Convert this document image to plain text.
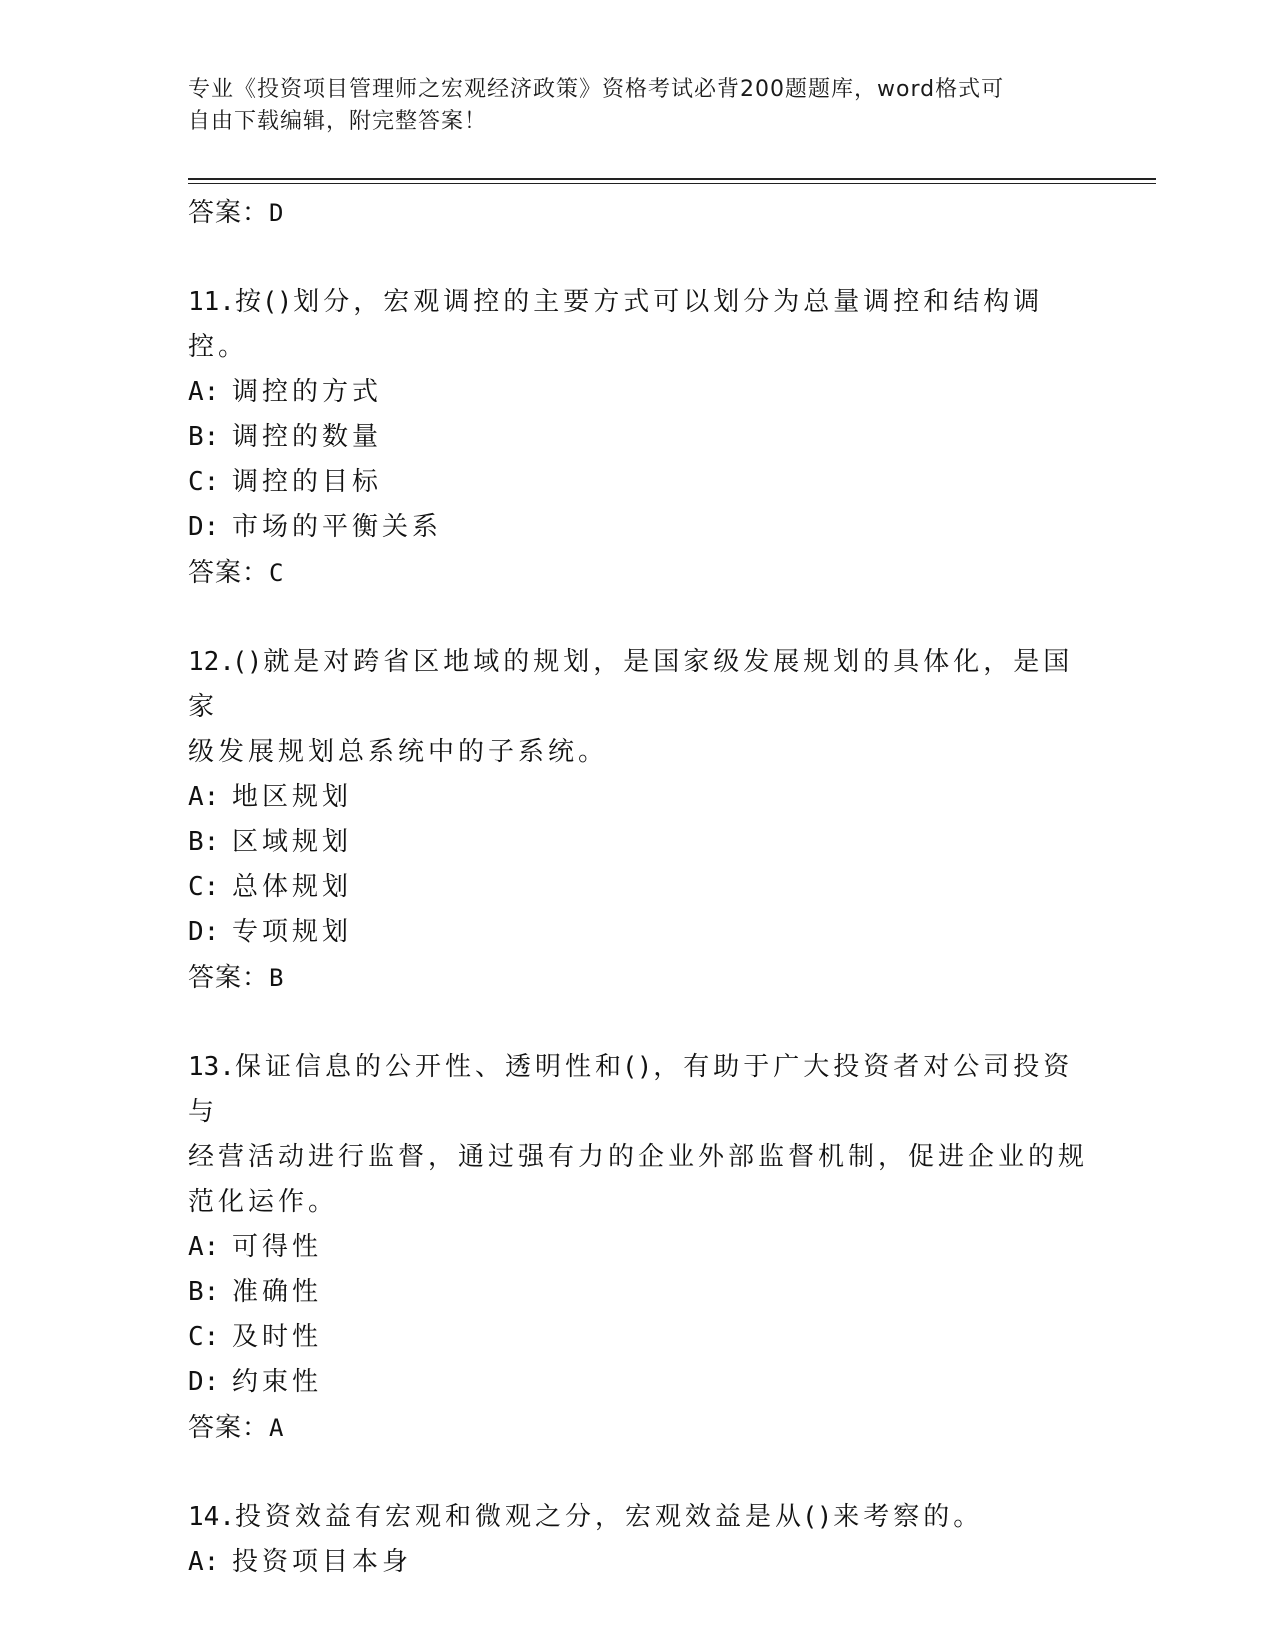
专业《投资项目管理师之宏观经济政策》资格考试必背200题题库，word格式可
自由下载编辑，附完整答案！
答案：D
11.按()划分，宏观调控的主要方式可以划分为总量调控和结构调控。
A: 调控的方式
B: 调控的数量
C: 调控的目标
D: 市场的平衡关系
答案：C
12.()就是对跨省区地域的规划，是国家级发展规划的具体化，是国家
级发展规划总系统中的子系统。
A: 地区规划
B: 区域规划
C: 总体规划
D: 专项规划
答案：B
13.保证信息的公开性、透明性和()，有助于广大投资者对公司投资与
经营活动进行监督，通过强有力的企业外部监督机制，促进企业的规
范化运作。
A: 可得性
B: 准确性
C: 及时性
D: 约束性
答案：A
14.投资效益有宏观和微观之分，宏观效益是从()来考察的。
A: 投资项目本身
